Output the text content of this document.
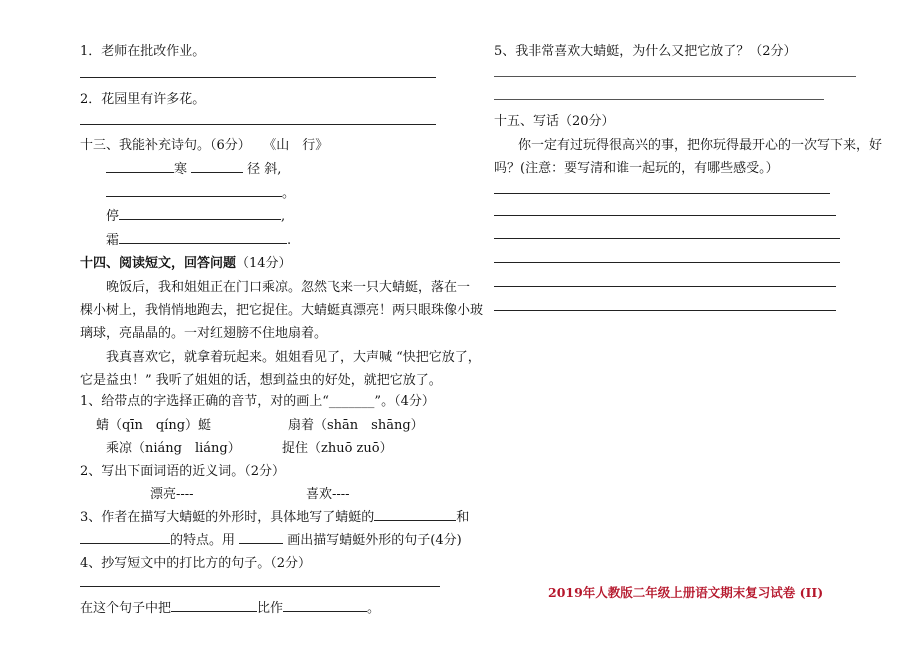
1．老师在批改作业。
2．花园里有许多花。
十三、我能补充诗句。（6分） 《山　行》
寒	径 斜,
。
停	,
霜	.
十四、阅读短文，回答问题（14分）
晚饭后，我和姐姐正在门口乘凉。忽然飞来一只大蜻蜓，落在一
棵小树上，我悄悄地跑去，把它捉住。大蜻蜓真漂亮！两只眼珠像小玻
璃球，亮晶晶的。一对红翅膀不住地扇着。
我真喜欢它，就拿着玩起来。姐姐看见了，大声喊 “快把它放了，
它是益虫！” 我听了姐姐的话，想到益虫的好处，就把它放了。
1、给带点的字选择正确的音节，对的画上“_______”。（4分）
蜻（qīn　qíng）蜓	扇着（shān　shāng）
乘凉（niáng　liáng）	捉住（zhuō zuō）
2、写出下面词语的近义词。（2分）
漂亮----	喜欢----
3、作者在描写大蜻蜓的外形时，具体地写了蜻蜓的	和
的特点。用	画出描写蜻蜓外形的句子(4分)
4、抄写短文中的打比方的句子。（2分）
在这个句子中把	比作	。
5、我非常喜欢大蜻蜓，为什么又把它放了？（2分）
十五、写话（20分）
你一定有过玩得很高兴的事，把你玩得最开心的一次写下来，好
吗？(注意：要写清和谁一起玩的，有哪些感受。）
2019年人教版二年级上册语文期末复习试卷 (II)
